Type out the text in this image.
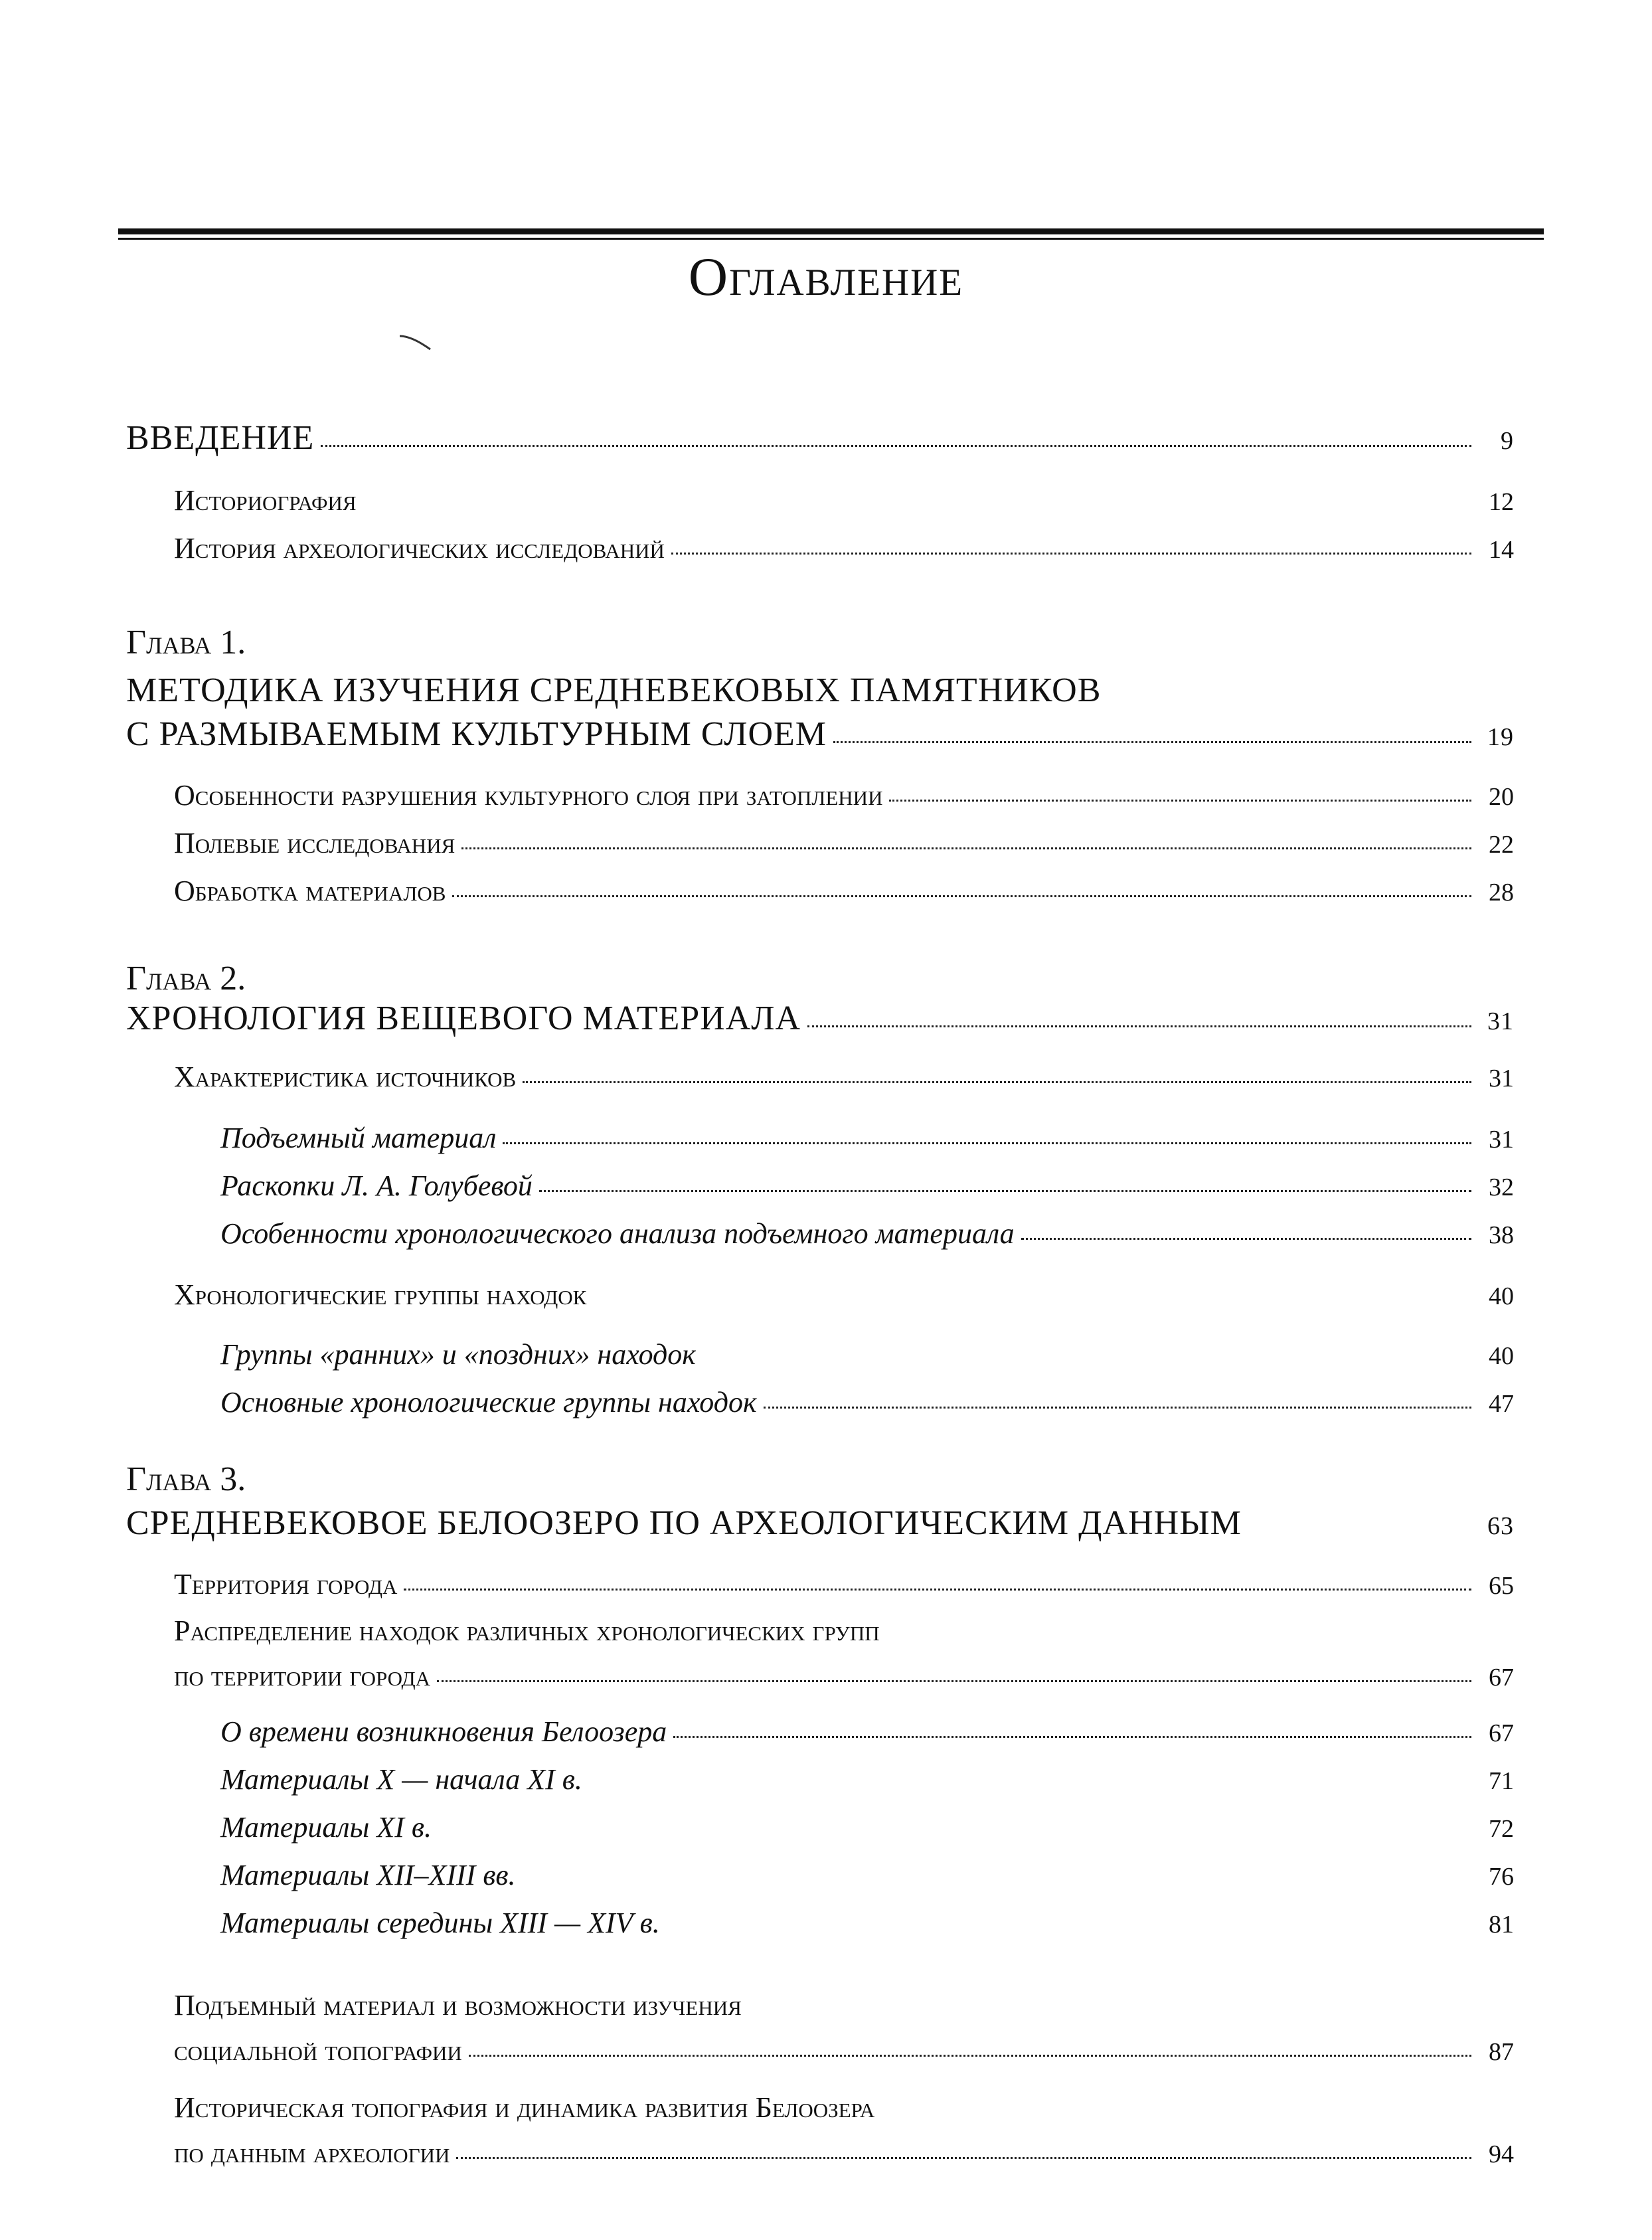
Оглавление
ВВЕДЕНИЕ	9
Историография	12
История археологических исследований	14
Глава 1.
МЕТОДИКА ИЗУЧЕНИЯ СРЕДНЕВЕКОВЫХ ПАМЯТНИКОВ
С РАЗМЫВАЕМЫМ КУЛЬТУРНЫМ СЛОЕМ	19
Особенности разрушения культурного слоя при затоплении	20
Полевые исследования	22
Обработка материалов	28
Глава 2.
ХРОНОЛОГИЯ ВЕЩЕВОГО МАТЕРИАЛА	31
Характеристика источников	31
Подъемный материал	31
Раскопки Л. А. Голубевой	32
Особенности хронологического анализа подъемного материала	38
Хронологические группы находок	40
Группы «ранних» и «поздних» находок	40
Основные хронологические группы находок	47
Глава 3.
СРЕДНЕВЕКОВОЕ БЕЛООЗЕРО ПО АРХЕОЛОГИЧЕСКИМ ДАННЫМ	63
Территория города	65
Распределение находок различных хронологических групп
по территории города	67
О времени возникновения Белоозера	67
Материалы X — начала XI в.	71
Материалы XI в.	72
Материалы XII–XIII вв.	76
Материалы середины XIII — XIV в.	81
Подъемный материал и возможности изучения
социальной топографии	87
Историческая топография и динамика развития Белоозера
по данным археологии	94
